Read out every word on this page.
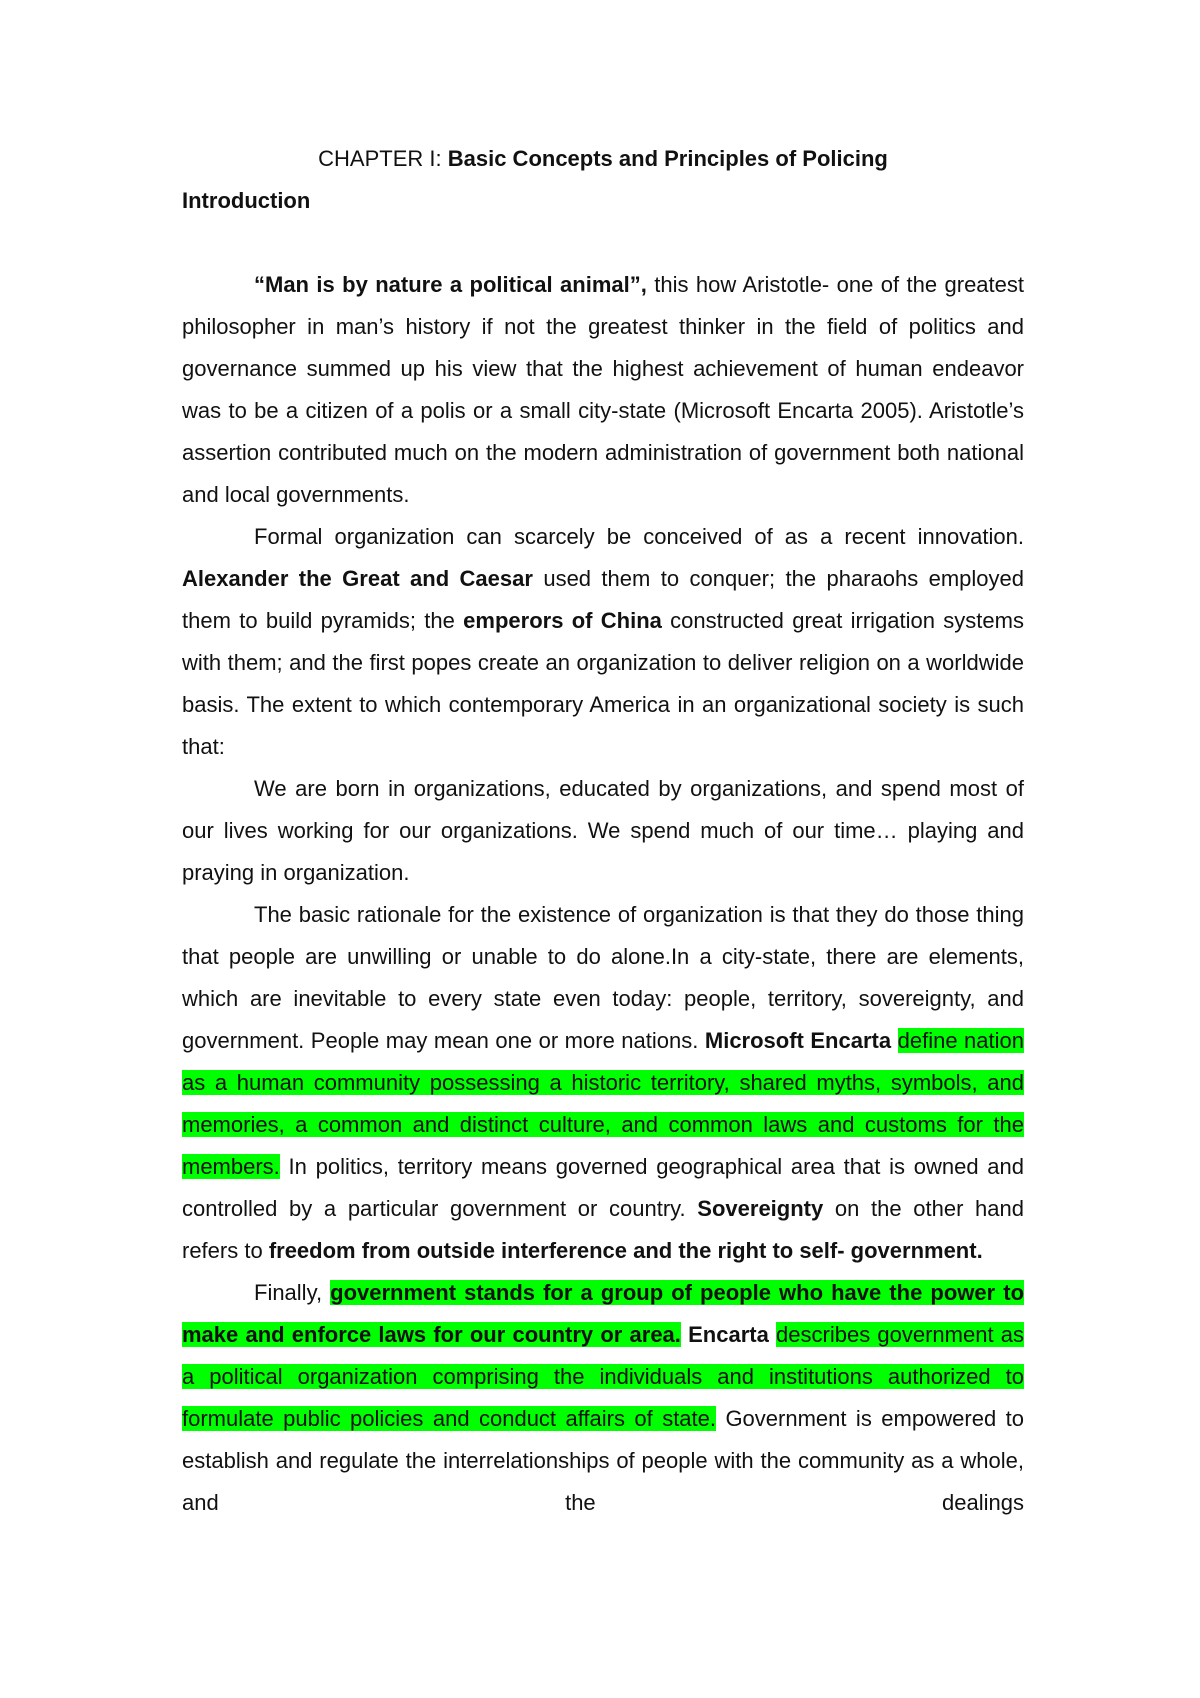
CHAPTER I: Basic Concepts and Principles of Policing
Introduction

“Man is by nature a political animal”, this how Aristotle- one of the greatest philosopher in man’s history if not the greatest thinker in the field of politics and governance summed up his view that the highest achievement of human endeavor was to be a citizen of a polis or a small city-state (Microsoft Encarta 2005). Aristotle’s assertion contributed much on the modern administration of government both national and local governments.

Formal organization can scarcely be conceived of as a recent innovation. Alexander the Great and Caesar used them to conquer; the pharaohs employed them to build pyramids; the emperors of China constructed great irrigation systems with them; and the first popes create an organization to deliver religion on a worldwide basis. The extent to which contemporary America in an organizational society is such that:

We are born in organizations, educated by organizations, and spend most of our lives working for our organizations. We spend much of our time… playing and praying in organization.

The basic rationale for the existence of organization is that they do those thing that people are unwilling or unable to do alone.In a city-state, there are elements, which are inevitable to every state even today: people, territory, sovereignty, and government. People may mean one or more nations. Microsoft Encarta define nation as a human community possessing a historic territory, shared myths, symbols, and memories, a common and distinct culture, and common laws and customs for the members. In politics, territory means governed geographical area that is owned and controlled by a particular government or country. Sovereignty on the other hand refers to freedom from outside interference and the right to self- government.

Finally, government stands for a group of people who have the power to make and enforce laws for our country or area. Encarta describes government as a political organization comprising the individuals and institutions authorized to formulate public policies and conduct affairs of state. Government is empowered to establish and regulate the interrelationships of people with the community as a whole, and the dealings
